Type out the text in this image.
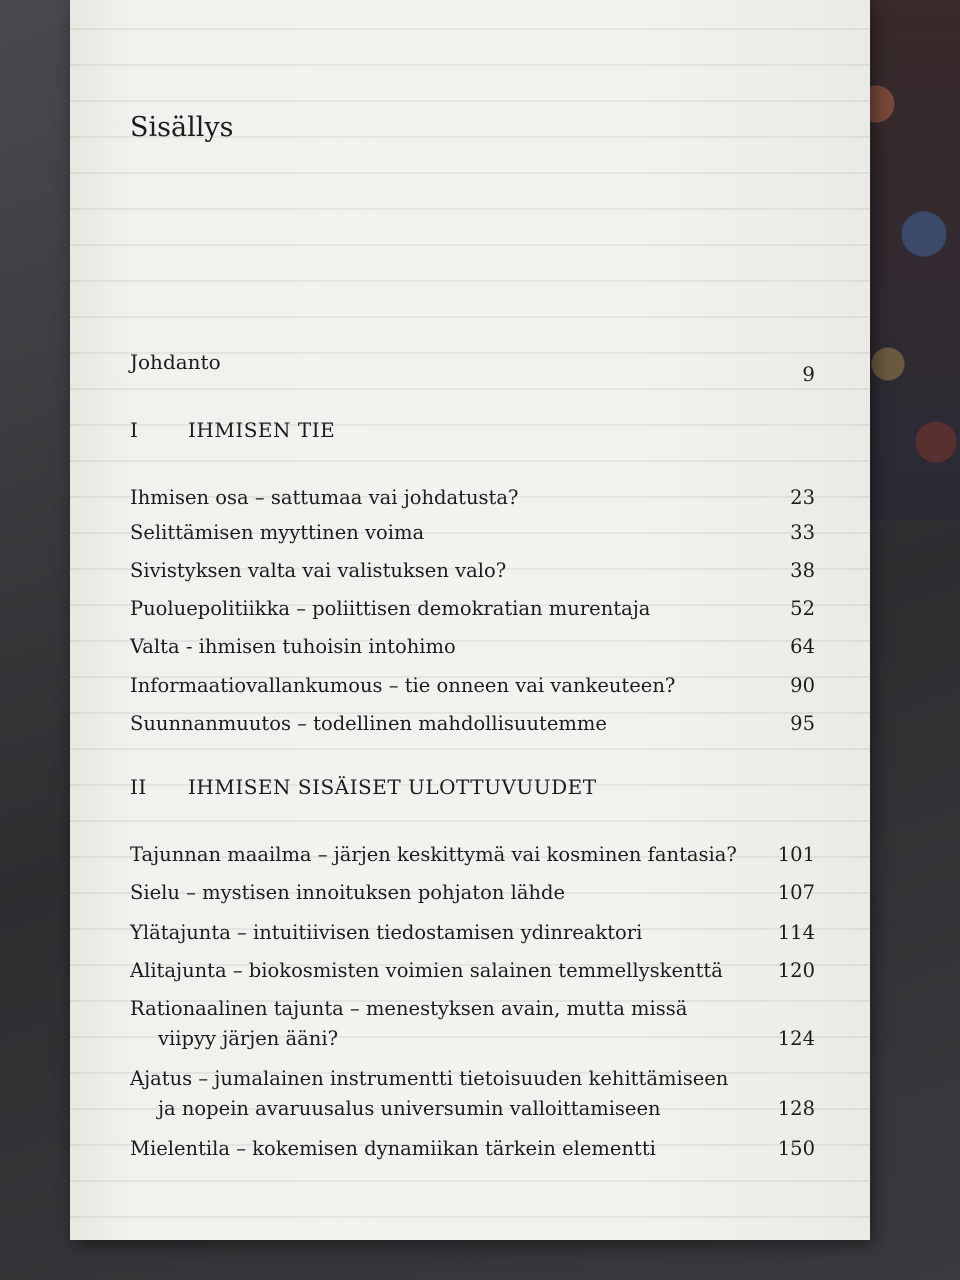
Sisällys
Johdanto	9
I IHMISEN TIE
Ihmisen osa – sattumaa vai johdatusta?	23
Selittämisen myyttinen voima	33
Sivistyksen valta vai valistuksen valo?	38
Puoluepolitiikka – poliittisen demokratian murentaja	52
Valta - ihmisen tuhoisin intohimo	64
Informaatiovallankumous – tie onneen vai vankeuteen?	90
Suunnanmuutos – todellinen mahdollisuutemme	95
II IHMISEN SISÄISET ULOTTUVUUDET
Tajunnan maailma – järjen keskittymä vai kosminen fantasia?	101
Sielu – mystisen innoituksen pohjaton lähde	107
Ylätajunta – intuitiivisen tiedostamisen ydinreaktori	114
Alitajunta – biokosmisten voimien salainen temmellyskenttä	120
Rationaalinen tajunta – menestyksen avain, mutta missä
viipyy järjen ääni?	124
Ajatus – jumalainen instrumentti tietoisuuden kehittämiseen
ja nopein avaruusalus universumin valloittamiseen	128
Mielentila – kokemisen dynamiikan tärkein elementti	150
